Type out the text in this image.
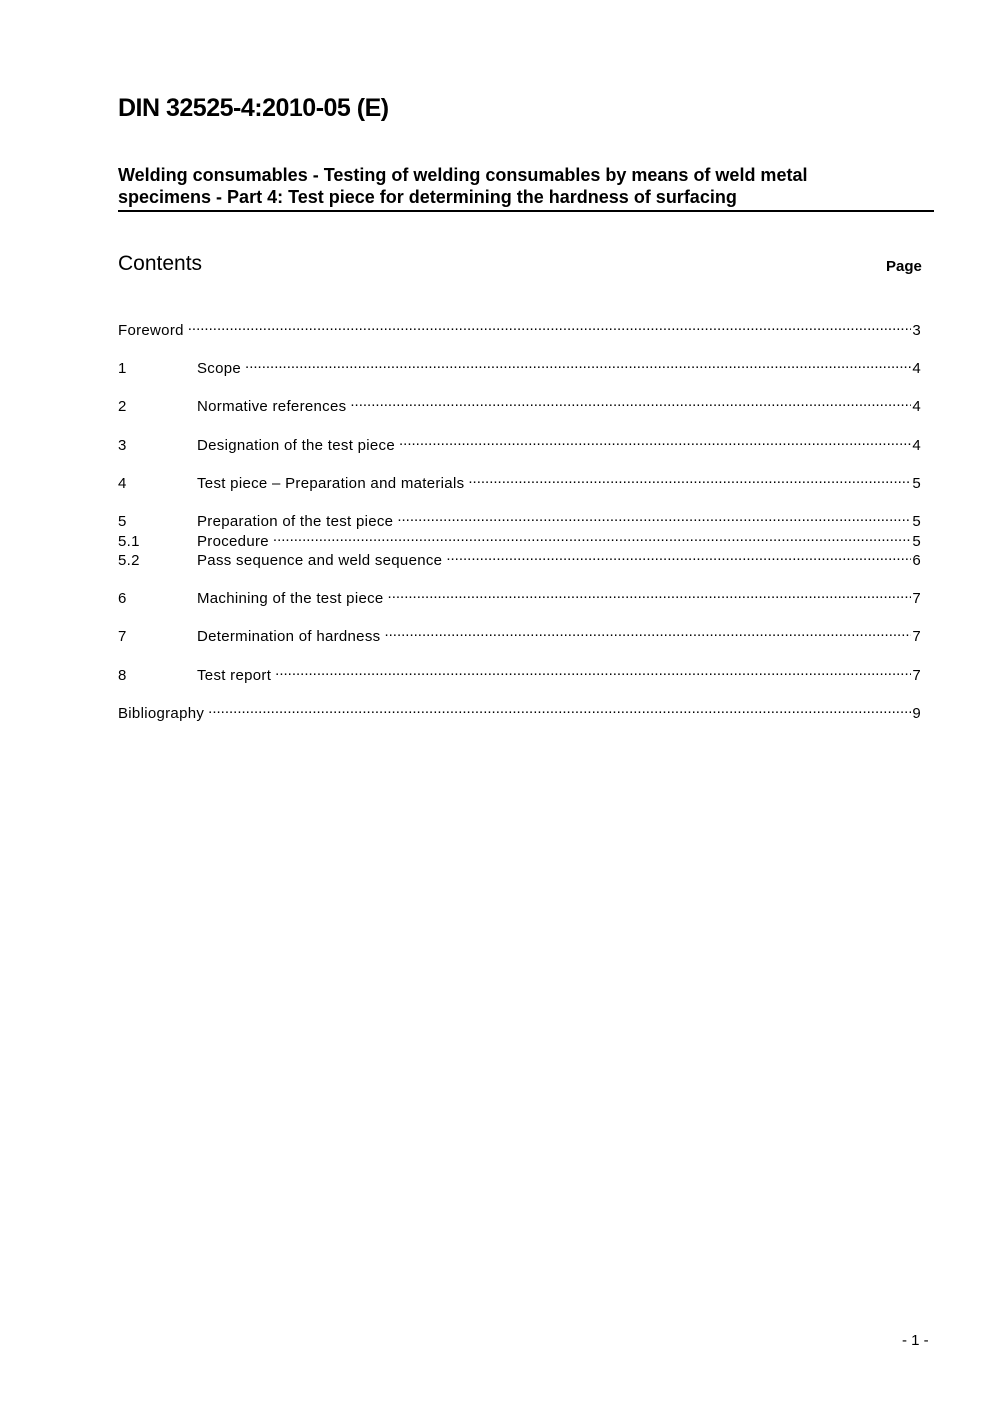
DIN 32525-4:2010-05 (E)
Welding consumables - Testing of welding consumables by means of weld metal
specimens - Part 4: Test piece for determining the hardness of surfacing
Contents	Page
Foreword .....	3
1	Scope .....	4
2	Normative references .....	4
3	Designation of the test piece .....	4
4	Test piece – Preparation and materials .....	5
5	Preparation of the test piece .....	5
5.1	Procedure .....	5
5.2	Pass sequence and weld sequence .....	6
6	Machining of the test piece .....	7
7	Determination of hardness .....	7
8	Test report .....	7
Bibliography .....	9
- 1 -
